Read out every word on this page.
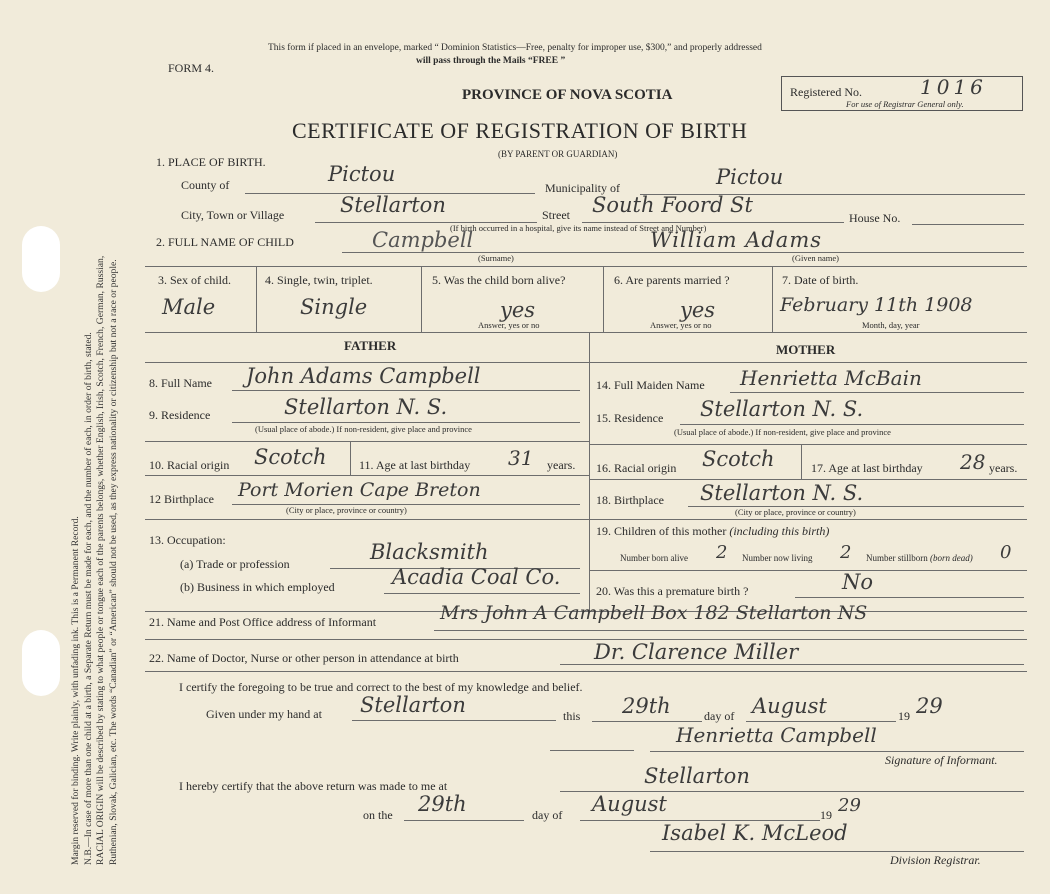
Margin reserved for binding. Write plainly, with unfading ink. This is a Permanent Record. N.B.—In case of more than one child at a birth, a Separate Return must be made for each, and the number of each, in order of birth, stated. RACIAL ORIGIN will be described by stating to what people or tongue each of the parents belongs, whether English, Irish, Scotch, French, German, Russian, Ruthenian, Slovak, Galician, etc. The words “Canadian” or “American” should not be used, as they express nationality or citizenship but not a race or people.
This form if placed in an envelope, marked “ Dominion Statistics—Free, penalty for improper use, $300,” and properly addressed
will pass through the Mails “FREE ”
FORM 4.
PROVINCE OF NOVA SCOTIA
CERTIFICATE OF REGISTRATION OF BIRTH
(BY PARENT OR GUARDIAN)
Registered No.	1016
For use of Registrar General only.
1. PLACE OF BIRTH.
County of	Pictou
Municipality of	Pictou
City, Town or Village	Stellarton	Street South Foord St
House No.
(If birth occurred in a hospital, give its name instead of Street and Number)
2. FULL NAME OF CHILD	Campbell	William Adams
(Surname)	(Given name)
3. Sex of child.
Male
4. Single, twin, triplet.
Single
5. Was the child born alive?
yes
Answer, yes or no
6. Are parents married ?
yes
Answer, yes or no
7. Date of birth.
February 11th 1908
Month, day, year
FATHER	MOTHER
8. Full Name John Adams Campbell
9. Residence	Stellarton N. S.
(Usual place of abode.) If non-resident, give place and province
10. Racial origin Scotch	11. Age at last birthday 31 years.
12 Birthplace Port Morien Cape Breton
(City or place, province or country)
13. Occupation:
(a) Trade or profession	Blacksmith
(b) Business in which employed	Acadia Coal Co.
14. Full Maiden Name Henrietta McBain
15. Residence Stellarton N. S.
(Usual place of abode.) If non-resident, give place and province
16. Racial origin Scotch	17. Age at last birthday 28 years.
18. Birthplace Stellarton N. S.
(City or place, province or country)
19. Children of this mother (including this birth)
Number born alive 2 Number now living 2 Number stillborn (born dead) 0
20. Was this a premature birth ?	No
21. Name and Post Office address of Informant	Mrs John A Campbell Box 182 Stellarton NS
22. Name of Doctor, Nurse or other person in attendance at birth	Dr. Clarence Miller
I certify the foregoing to be true and correct to the best of my knowledge and belief.
Given under my hand at Stellarton	this 29th	day of August	19 29
Henrietta Campbell
Signature of Informant.
I hereby certify that the above return was made to me at	Stellarton
on the 29th	day of August	19 29
Isabel K. McLeod
Division Registrar.
